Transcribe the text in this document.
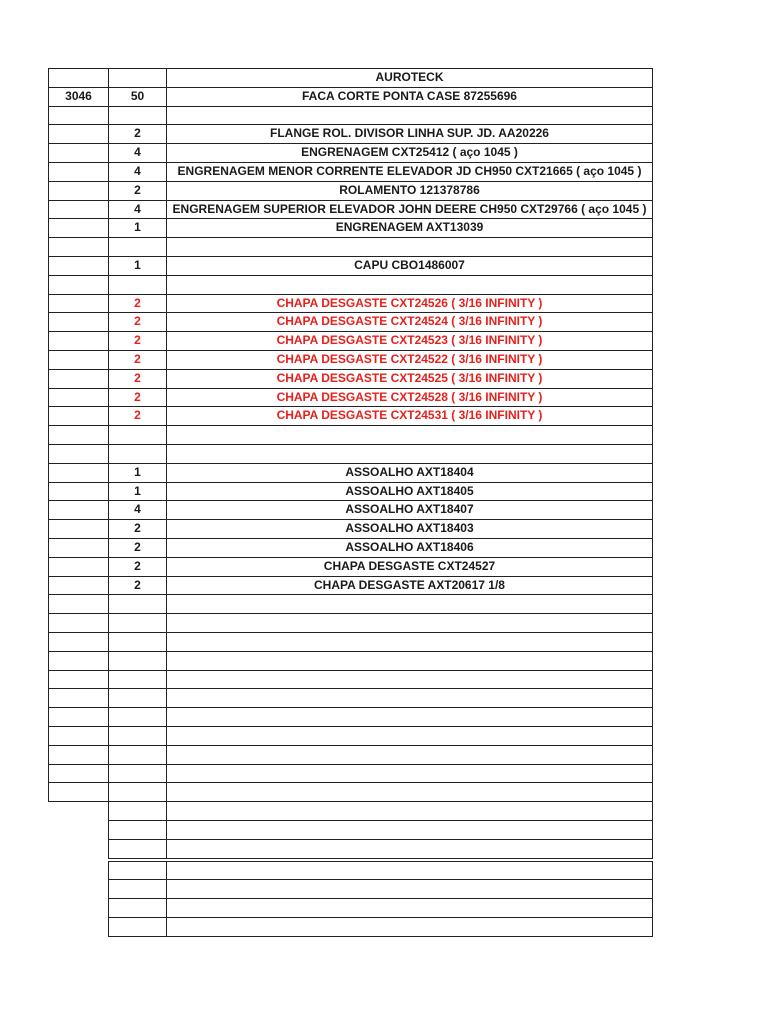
AUROTECK
3046	50	FACA CORTE PONTA CASE 87255696
2	FLANGE ROL. DIVISOR LINHA SUP. JD. AA20226
4	ENGRENAGEM CXT25412 ( aço 1045 )
4	ENGRENAGEM MENOR CORRENTE ELEVADOR JD CH950 CXT21665 ( aço 1045 )
2	ROLAMENTO 121378786
4	ENGRENAGEM SUPERIOR ELEVADOR JOHN DEERE CH950 CXT29766 ( aço 1045 )
1	ENGRENAGEM AXT13039
1	CAPU CBO1486007
2	CHAPA DESGASTE CXT24526 ( 3/16 INFINITY )
2	CHAPA DESGASTE CXT24524 ( 3/16 INFINITY )
2	CHAPA DESGASTE CXT24523 ( 3/16 INFINITY )
2	CHAPA DESGASTE CXT24522 ( 3/16 INFINITY )
2	CHAPA DESGASTE CXT24525 ( 3/16 INFINITY )
2	CHAPA DESGASTE CXT24528 ( 3/16 INFINITY )
2	CHAPA DESGASTE CXT24531 ( 3/16 INFINITY )
1	ASSOALHO AXT18404
1	ASSOALHO AXT18405
4	ASSOALHO AXT18407
2	ASSOALHO AXT18403
2	ASSOALHO AXT18406
2	CHAPA DESGASTE CXT24527
2	CHAPA DESGASTE AXT20617 1/8
